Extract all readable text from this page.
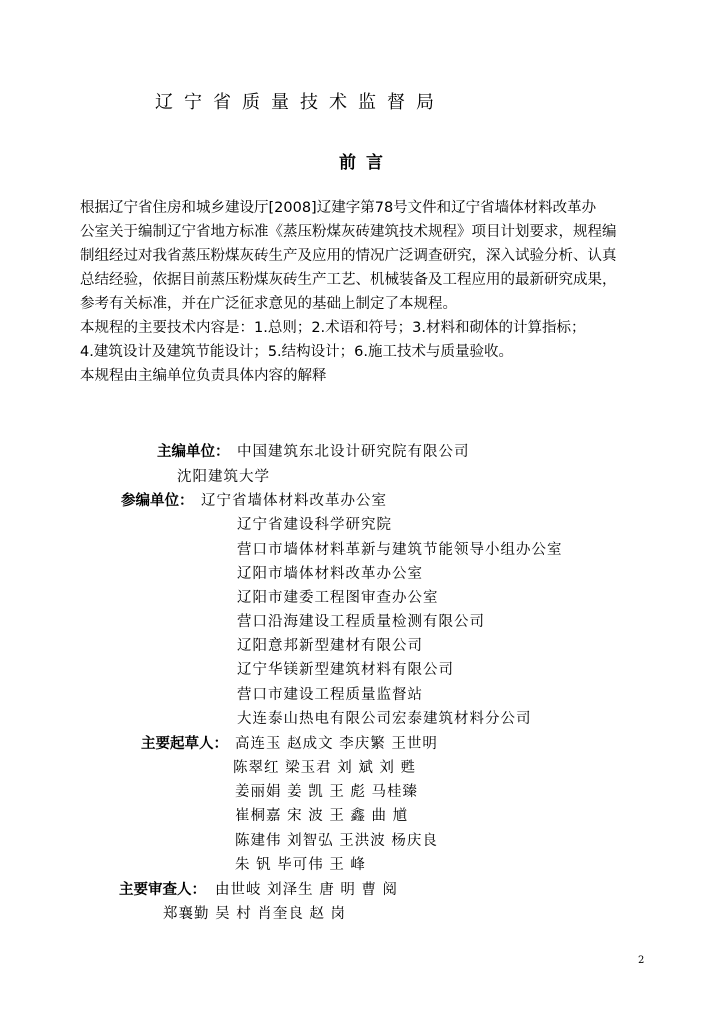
辽宁省质量技术监督局
前言
根据辽宁省住房和城乡建设厅[2008]辽建字第78号文件和辽宁省墙体材料改革办
公室关于编制辽宁省地方标准《蒸压粉煤灰砖建筑技术规程》项目计划要求，规程编
制组经过对我省蒸压粉煤灰砖生产及应用的情况广泛调查研究，深入试验分析、认真
总结经验，依据目前蒸压粉煤灰砖生产工艺、机械装备及工程应用的最新研究成果，
参考有关标准，并在广泛征求意见的基础上制定了本规程。
本规程的主要技术内容是：1.总则；2.术语和符号；3.材料和砌体的计算指标；
4.建筑设计及建筑节能设计；5.结构设计；6.施工技术与质量验收。
本规程由主编单位负责具体内容的解释
主编单位： 中国建筑东北设计研究院有限公司
沈阳建筑大学
参编单位： 辽宁省墙体材料改革办公室
辽宁省建设科学研究院
营口市墙体材料革新与建筑节能领导小组办公室
辽阳市墙体材料改革办公室
辽阳市建委工程图审查办公室
营口沿海建设工程质量检测有限公司
辽阳意邦新型建材有限公司
辽宁华镁新型建筑材料有限公司
营口市建设工程质量监督站
大连泰山热电有限公司宏泰建筑材料分公司
主要起草人： 高连玉 赵成文 李庆繁 王世明
陈翠红 梁玉君 刘 斌 刘 甦
姜丽娟 姜 凯 王 彪 马桂臻
崔桐嘉 宋 波 王 鑫 曲 馗
陈建伟 刘智弘 王洪波 杨庆良
朱 钒 毕可伟 王 峰
主要审查人： 由世岐 刘泽生 唐 明 曹 阅
郑襄勤 吴 村 肖奎良 赵 岗
2
